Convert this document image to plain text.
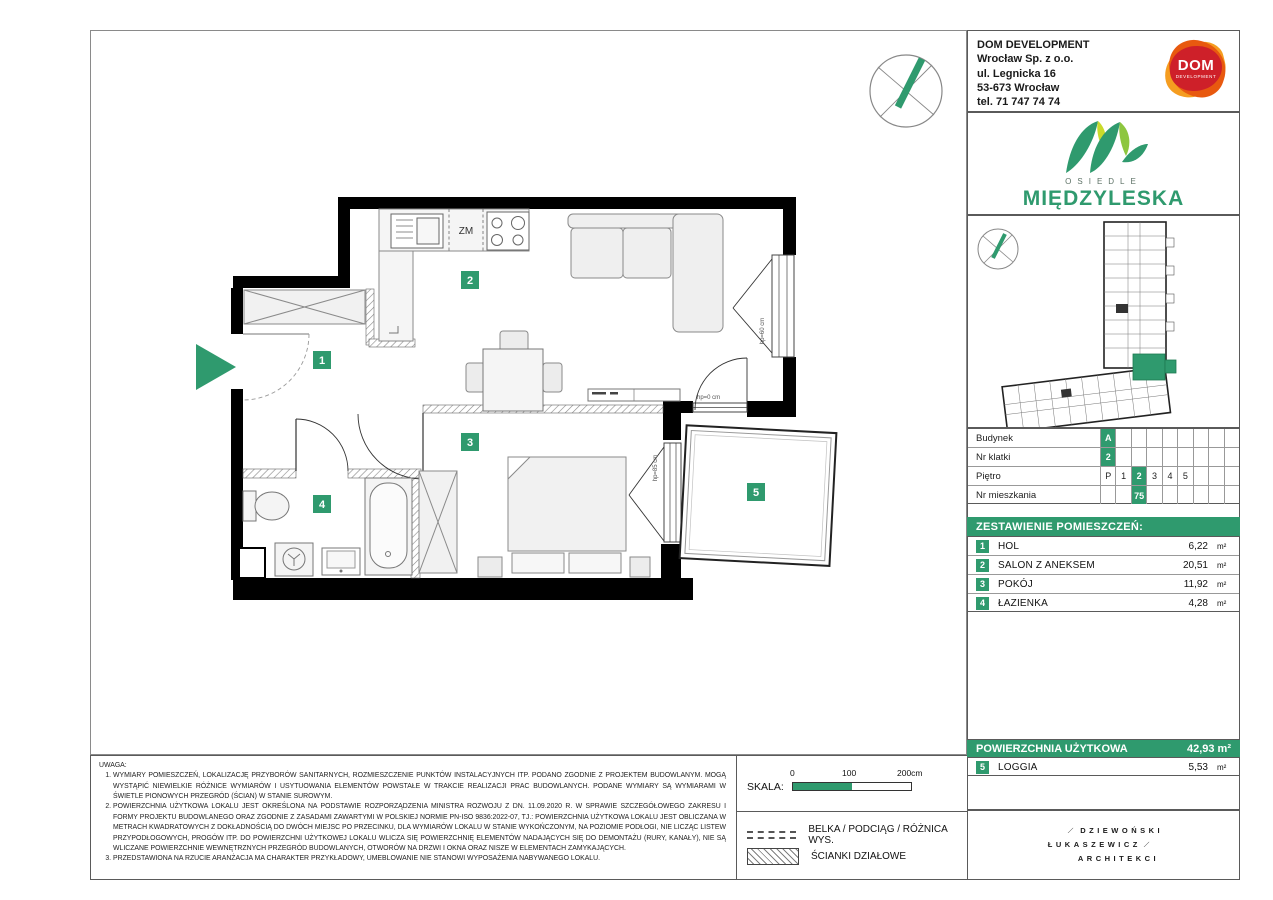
1
2
3
4
5
ZM
hp=60 cm
hp=0 cm
hp=85 cm
UWAGA:
1. WYMIARY POMIESZCZEŃ, LOKALIZACJĘ PRZYBORÓW SANITARNYCH, ROZMIESZCZENIE PUNKTÓW INSTALACYJNYCH ITP. PODANO ZGODNIE Z PROJEKTEM BUDOWLANYM. MOGĄ WYSTĄPIĆ NIEWIELKIE RÓŻNICE WYMIARÓW I USYTUOWANIA ELEMENTÓW POWSTAŁE W TRAKCIE REALIZACJI PRAC BUDOWLANYCH. PODANE WYMIARY SĄ WYMIARAMI W ŚWIETLE PIONOWYCH PRZEGRÓD (ŚCIAN) W STANIE SUROWYM.
2. POWIERZCHNIA UŻYTKOWA LOKALU JEST OKREŚLONA NA PODSTAWIE ROZPORZĄDZENIA MINISTRA ROZWOJU Z DN. 11.09.2020 R. W SPRAWIE SZCZEGÓŁOWEGO ZAKRESU I FORMY PROJEKTU BUDOWLANEGO ORAZ ZGODNIE Z ZASADAMI ZAWARTYMI W POLSKIEJ NORMIE PN-ISO 9836:2022-07, TJ.: POWIERZCHNIA UŻYTKOWA LOKALU JEST OBLICZANA W METRACH KWADRATOWYCH Z DOKŁADNOŚCIĄ DO DWÓCH MIEJSC PO PRZECINKU, DLA WYMIARÓW LOKALU W STANIE WYKOŃCZONYM, NA POZIOMIE PODŁOGI, NIE LICZĄC LISTEW PRZYPODŁOGOWYCH, PROGÓW ITP. DO POWIERZCHNI UŻYTKOWEJ LOKALU WLICZA SIĘ POWIERZCHNIĘ ELEMENTÓW NADAJĄCYCH SIĘ DO DEMONTAŻU (RURY, KANAŁY), NIE SĄ WLICZANE POWIERZCHNIE WEWNĘTRZNYCH PRZEGRÓD BUDOWLANYCH, OTWORÓW NA DRZWI I OKNA ORAZ NISZE W ELEMENTACH ZAMYKAJĄCYCH.
3. PRZEDSTAWIONA NA RZUCIE ARANŻACJA MA CHARAKTER PRZYKŁADOWY, UMEBLOWANIE NIE STANOWI WYPOSAŻENIA NABYWANEGO LOKALU.
SKALA:
0	100	200cm
BELKA / PODCIĄG / RÓŻNICA WYS.
ŚCIANKI DZIAŁOWE
DOM DEVELOPMENT
Wrocław Sp. z o.o.
ul. Legnicka 16
53-673 Wrocław
tel. 71 747 74 74
DOM
DEVELOPMENT
OSIEDLE
MIĘDZYLESKA
Budynek	A
Nr klatki	2
Piętro	P	1	2	3	4	5
Nr mieszkania	75
ZESTAWIENIE POMIESZCZEŃ:
1	HOL	6,22 m²
2	SALON Z ANEKSEM	20,51 m²
3	POKÓJ	11,92 m²
4	ŁAZIENKA	4,28 m²
POWIERZCHNIA UŻYTKOWA	42,93 m²
5	LOGGIA	5,53 m²
∕ DZIEWOŃSKI
ŁUKASZEWICZ ∕
ARCHITEKCI
